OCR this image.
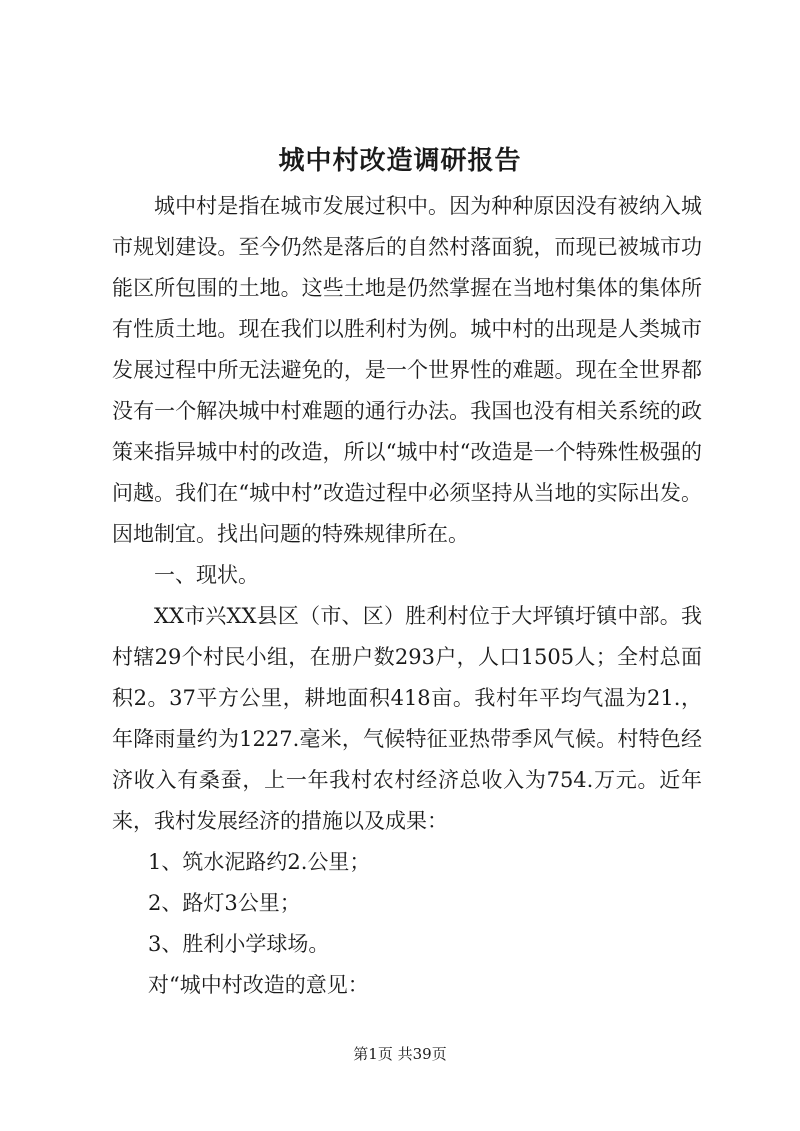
城中村改造调研报告

城中村是指在城市发展过积中。因为种种原因没有被纳入城市规划建设。至今仍然是落后的自然村落面貌，而现已被城市功能区所包围的土地。这些土地是仍然掌握在当地村集体的集体所有性质土地。现在我们以胜利村为例。城中村的出现是人类城市发展过程中所无法避免的，是一个世界性的难题。现在全世界都没有一个解决城中村难题的通行办法。我国也没有相关系统的政策来指异城中村的改造，所以“城中村“改造是一个特殊性极强的问越。我们在“城中村”改造过程中必须坚持从当地的实际出发。因地制宜。找出问题的特殊规律所在。

一、现状。

XX市兴XX县区（市、区）胜利村位于大坪镇圩镇中部。我村辖29个村民小组，在册户数293户，人口1505人；全村总面积2。37平方公里，耕地面积418亩。我村年平均气温为21.，年降雨量约为1227.毫米，气候特征亚热带季风气候。村特色经济收入有桑蚕，上一年我村农村经济总收入为754.万元。近年来，我村发展经济的措施以及成果：

1、筑水泥路约2.公里；

2、路灯3公里；

3、胜利小学球场。

对“城中村改造的意见：

第1页 共39页
